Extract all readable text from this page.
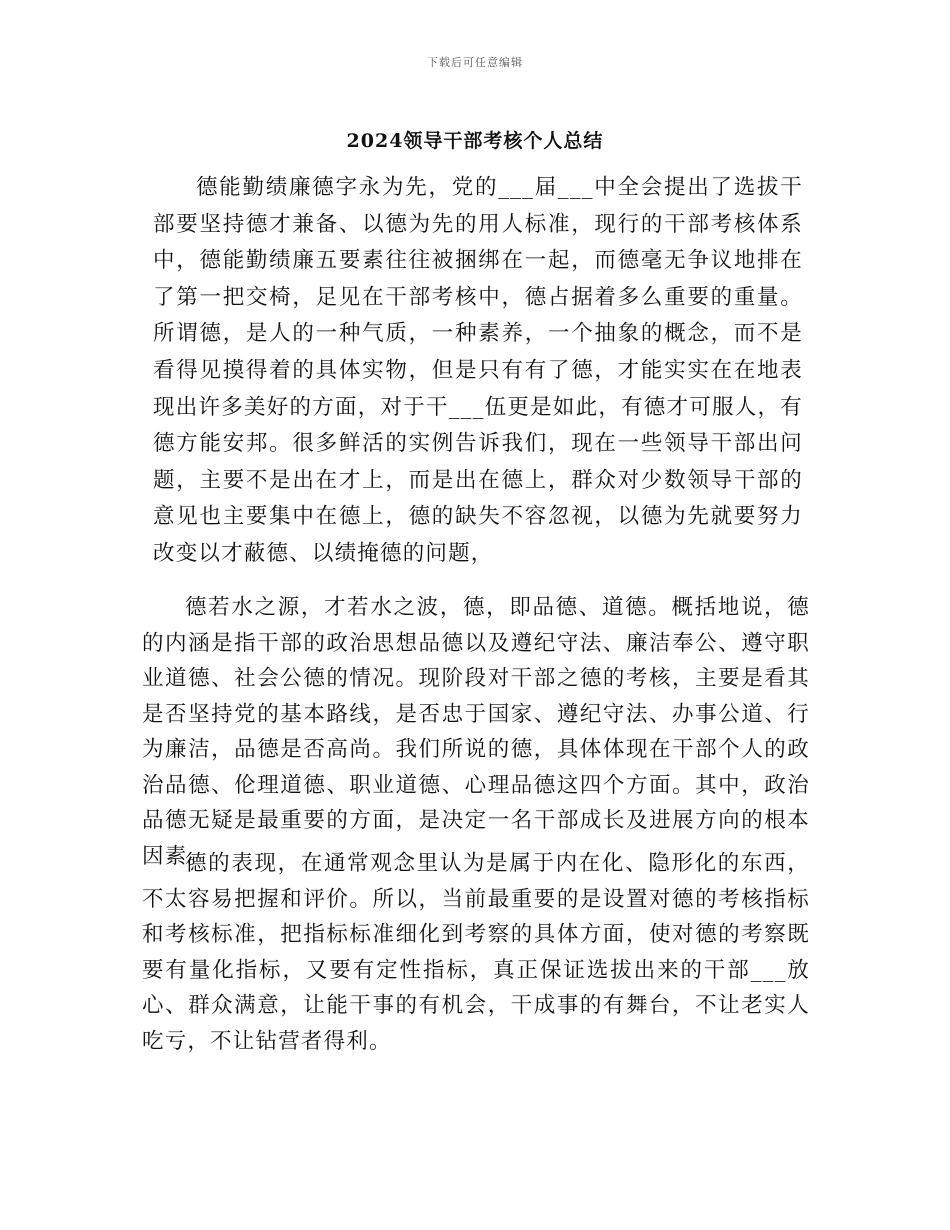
下载后可任意编辑
2024领导干部考核个人总结

德能勤绩廉德字永为先，党的___届___中全会提出了选拔干部要坚持德才兼备、以德为先的用人标准，现行的干部考核体系中，德能勤绩廉五要素往往被捆绑在一起，而德毫无争议地排在了第一把交椅，足见在干部考核中，德占据着多么重要的重量。所谓德，是人的一种气质，一种素养，一个抽象的概念，而不是看得见摸得着的具体实物，但是只有有了德，才能实实在在地表现出许多美好的方面，对于干___伍更是如此，有德才可服人，有德方能安邦。很多鲜活的实例告诉我们，现在一些领导干部出问题，主要不是出在才上，而是出在德上，群众对少数领导干部的意见也主要集中在德上，德的缺失不容忽视，以德为先就要努力改变以才蔽德、以绩掩德的问题，

德若水之源，才若水之波，德，即品德、道德。概括地说，德的内涵是指干部的政治思想品德以及遵纪守法、廉洁奉公、遵守职业道德、社会公德的情况。现阶段对干部之德的考核，主要是看其是否坚持党的基本路线，是否忠于国家、遵纪守法、办事公道、行为廉洁，品德是否高尚。我们所说的德，具体体现在干部个人的政治品德、伦理道德、职业道德、心理品德这四个方面。其中，政治品德无疑是最重要的方面，是决定一名干部成长及进展方向的根本因素。

德的表现，在通常观念里认为是属于内在化、隐形化的东西，不太容易把握和评价。所以，当前最重要的是设置对德的考核指标和考核标准，把指标标准细化到考察的具体方面，使对德的考察既要有量化指标，又要有定性指标，真正保证选拔出来的干部___放心、群众满意，让能干事的有机会，干成事的有舞台，不让老实人吃亏，不让钻营者得利。
